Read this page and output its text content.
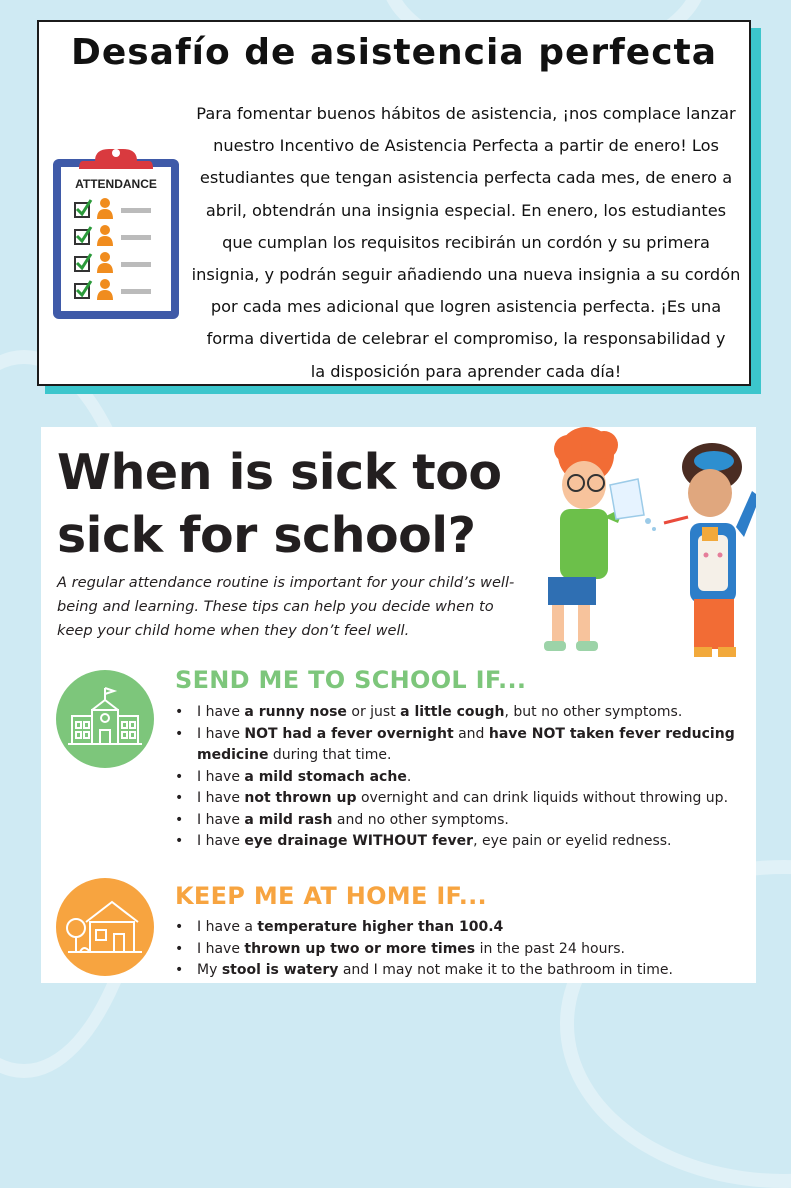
Desafío de asistencia perfecta
ATTENDANCE
Para fomentar buenos hábitos de asistencia, ¡nos complace lanzar
nuestro Incentivo de Asistencia Perfecta a partir de enero! Los
estudiantes que tengan asistencia perfecta cada mes, de enero a
abril, obtendrán una insignia especial. En enero, los estudiantes
que cumplan los requisitos recibirán un cordón y su primera
insignia, y podrán seguir añadiendo una nueva insignia a su cordón
por cada mes adicional que logren asistencia perfecta. ¡Es una
forma divertida de celebrar el compromiso, la responsabilidad y
la disposición para aprender cada día!
When is sick too
sick for school?
A regular attendance routine is important for your child’s well-
being and learning. These tips can help you decide when to
keep your child home when they don’t feel well.
SEND ME TO SCHOOL IF...
• I have a runny nose or just a little cough, but no other symptoms.
• I have NOT had a fever overnight and have NOT taken fever reducing
medicine during that time.
• I have a mild stomach ache.
• I have not thrown up overnight and can drink liquids without throwing up.
• I have a mild rash and no other symptoms.
• I have eye drainage WITHOUT fever, eye pain or eyelid redness.
KEEP ME AT HOME IF...
• I have a temperature higher than 100.4
• I have thrown up two or more times in the past 24 hours.
• My stool is watery and I may not make it to the bathroom in time.
